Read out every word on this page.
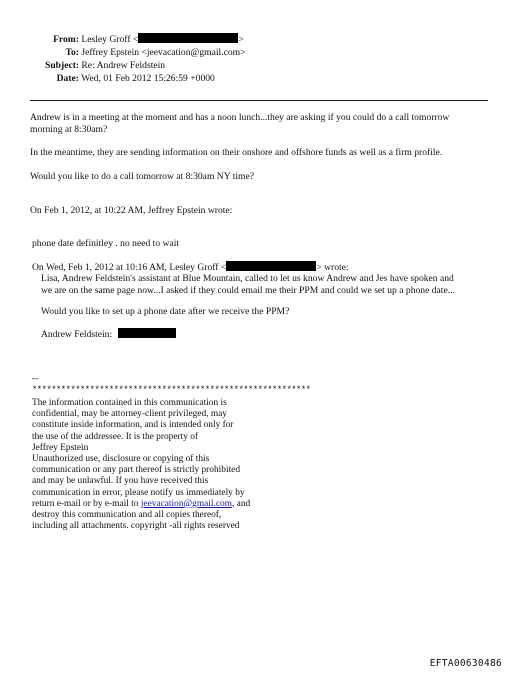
From: Lesley Groff <	>
To: Jeffrey Epstein <jeevacation@gmail.com>
Subject: Re: Andrew Feldstein
Date: Wed, 01 Feb 2012 15:26:59 +0000
Andrew is in a meeting at the moment and has a noon lunch...they are asking if you could do a call tomorrow
morning at 8:30am?
In the meantime, they are sending information on their onshore and offshore funds as well as a firm profile.
Would you like to do a call tomorrow at 8:30am NY time?
On Feb 1, 2012, at 10:22 AM, Jeffrey Epstein wrote:
phone date definitley . no need to wait
On Wed, Feb 1, 2012 at 10:16 AM, Lesley Groff <	> wrote:
Lisa, Andrew Feldstein's assistant at Blue Mountain, called to let us know Andrew and Jes have spoken and
we are on the same page now...I asked if they could email me their PPM and could we set up a phone date...
Would you like to set up a phone date after we receive the PPM?
Andrew Feldstein:
--
**********************************************************
The information contained in this communication is
confidential, may be attorney-client privileged, may
constitute inside information, and is intended only for
the use of the addressee. It is the property of
Jeffrey Epstein
Unauthorized use, disclosure or copying of this
communication or any part thereof is strictly prohibited
and may be unlawful. If you have received this
communication in error, please notify us immediately by
return e-mail or by e-mail to jeevacation@gmail.com, and
destroy this communication and all copies thereof,
including all attachments. copyright -all rights reserved
EFTA00630486
